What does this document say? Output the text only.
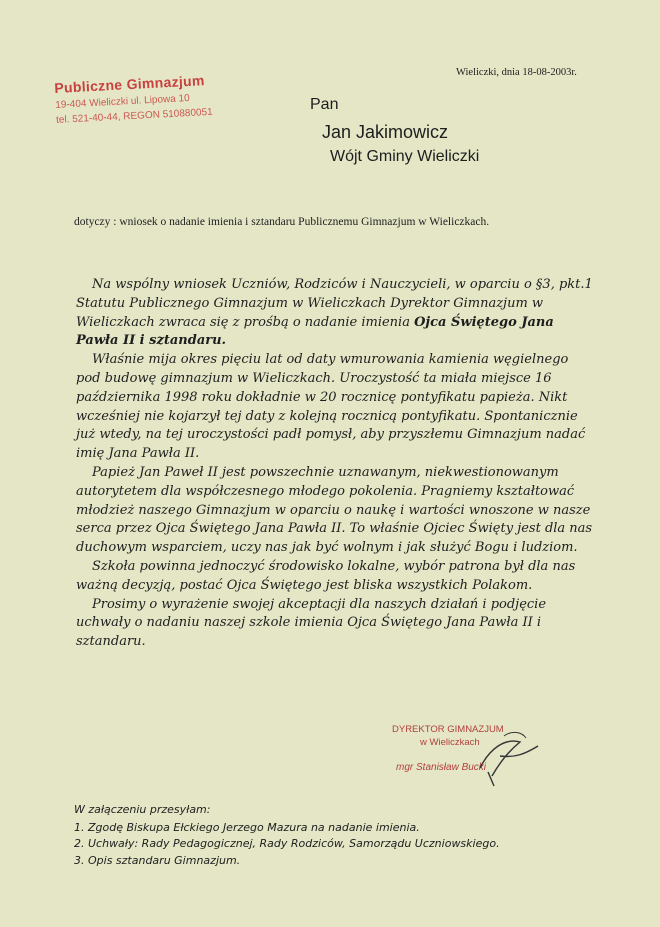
Publiczne Gimnazjum
19-404 Wieliczki ul. Lipowa 10
tel. 521-40-44, REGON 510880051
Wieliczki, dnia 18-08-2003r.
Pan
Jan Jakimowicz
Wójt Gminy Wieliczki
dotyczy : wniosek o nadanie imienia i sztandaru Publicznemu Gimnazjum w Wieliczkach.

Na wspólny wniosek Uczniów, Rodziców i Nauczycieli, w oparciu o §3, pkt.1 Statutu Publicznego Gimnazjum w Wieliczkach Dyrektor Gimnazjum w Wieliczkach zwraca się z prośbą o nadanie imienia Ojca Świętego Jana Pawła II i sztandaru.

Właśnie mija okres pięciu lat od daty wmurowania kamienia węgielnego pod budowę gimnazjum w Wieliczkach. Uroczystość ta miała miejsce 16 października 1998 roku dokładnie w 20 rocznicę pontyfikatu papieża. Nikt wcześniej nie kojarzył tej daty z kolejną rocznicą pontyfikatu. Spontanicznie już wtedy, na tej uroczystości padł pomysł, aby przyszłemu Gimnazjum nadać imię Jana Pawła II.

Papież Jan Paweł II jest powszechnie uznawanym, niekwestionowanym autorytetem dla współczesnego młodego pokolenia. Pragniemy kształtować młodzież naszego Gimnazjum w oparciu o naukę i wartości wnoszone w nasze serca przez Ojca Świętego Jana Pawła II. To właśnie Ojciec Święty jest dla nas duchowym wsparciem, uczy nas jak być wolnym i jak służyć Bogu i ludziom.

Szkoła powinna jednoczyć środowisko lokalne, wybór patrona był dla nas ważną decyzją, postać Ojca Świętego jest bliska wszystkich Polakom.

Prosimy o wyrażenie swojej akceptacji dla naszych działań i podjęcie uchwały o nadaniu naszej szkole imienia Ojca Świętego Jana Pawła II i sztandaru.

DYREKTOR GIMNAZJUM
w Wieliczkach
mgr Stanisław Bucki
W załączeniu przesyłam:
1. Zgodę Biskupa Ełckiego Jerzego Mazura na nadanie imienia.
2. Uchwały: Rady Pedagogicznej, Rady Rodziców, Samorządu Uczniowskiego.
3. Opis sztandaru Gimnazjum.
